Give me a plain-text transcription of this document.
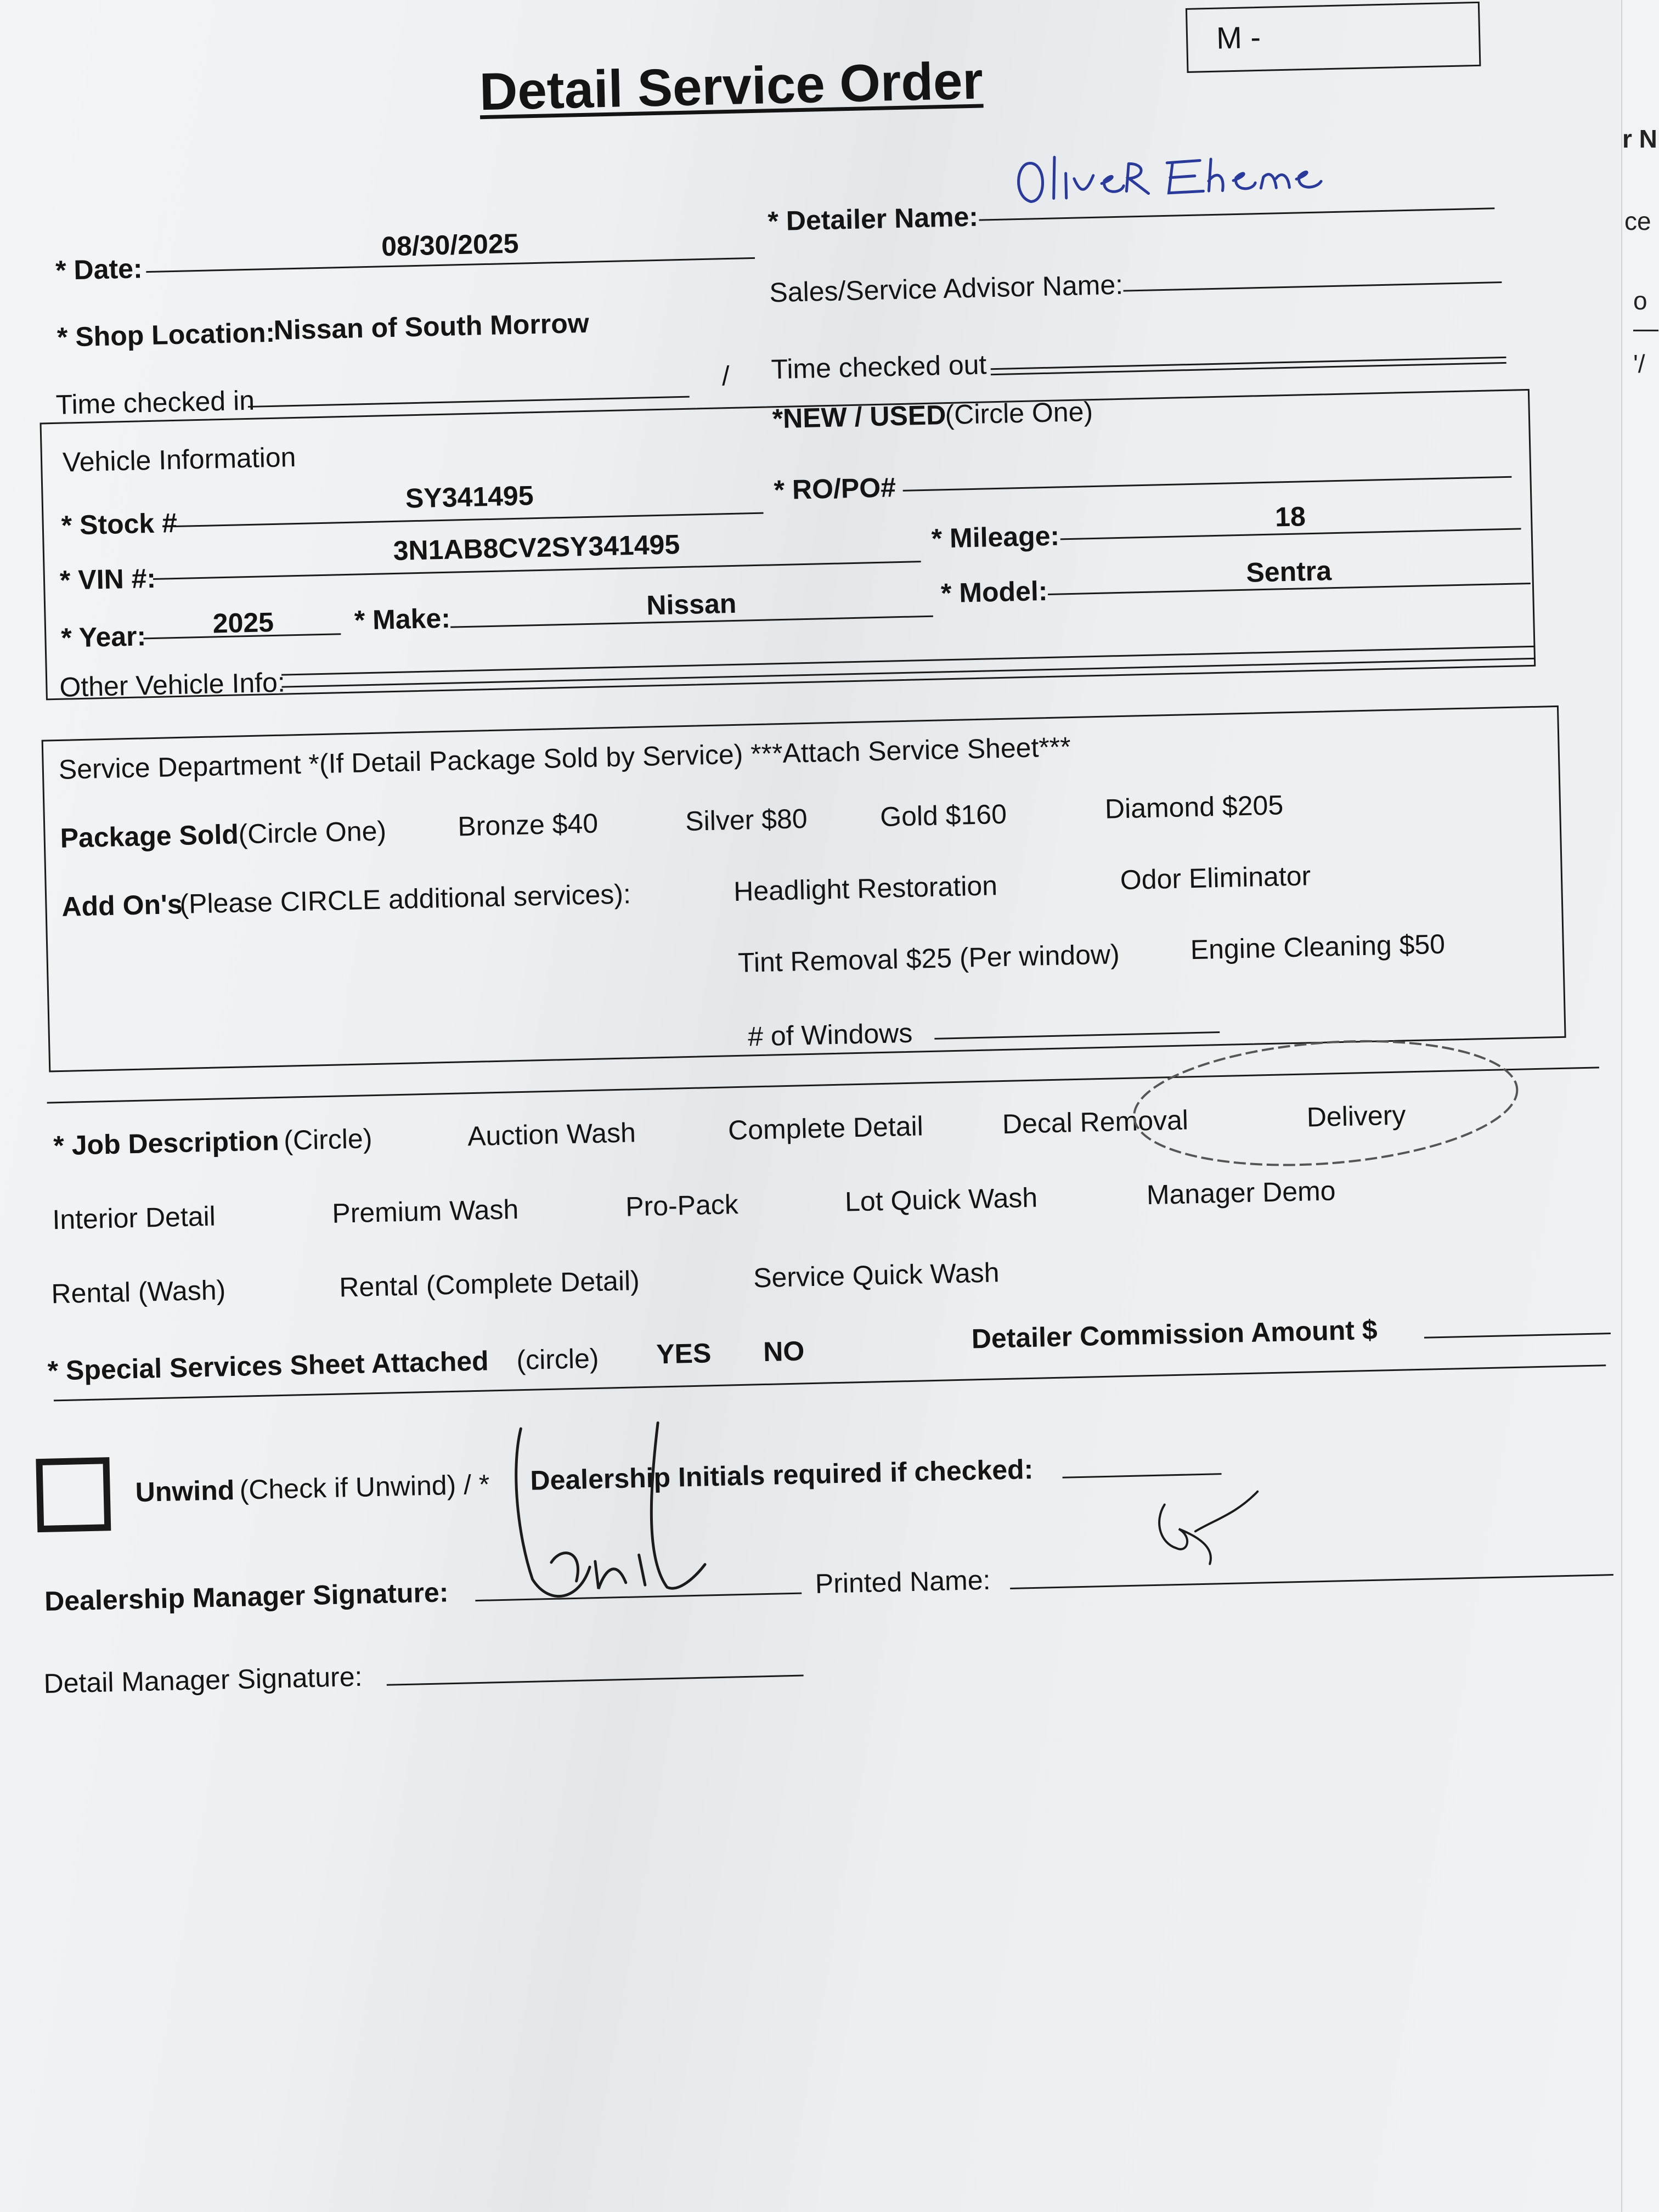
M -
Detail Service Order
* Date:
08/30/2025
* Detailer Name:
* Shop Location:
Nissan of South Morrow
Sales/Service Advisor Name:
Time checked in
/ Time checked out
*NEW / USED
(Circle One)
Vehicle Information
* Stock #
SY341495	* RO/PO#
* VIN #:
3N1AB8CV2SY341495	* Mileage:
18
* Year:	2025	* Make:	Nissan	* Model:
Sentra
Other Vehicle Info:
Service Department *(If Detail Package Sold by Service) ***Attach Service Sheet***
Package Sold
(Circle One)	Bronze $40	Silver $80	Gold $160	Diamond $205
Add On's
(Please CIRCLE additional services):	Headlight Restoration	Odor Eliminator
Tint Removal $25 (Per window)	Engine Cleaning $50
# of Windows
* Job Description (Circle)	Auction Wash	Complete Detail	Decal Removal	Delivery
Interior Detail	Premium Wash	Pro-Pack	Lot Quick Wash	Manager Demo
Rental (Wash)	Rental (Complete Detail)	Service Quick Wash
* Special Services Sheet Attached (circle) YES NO	Detailer Commission Amount $
Unwind (Check if Unwind) / * Dealership Initials required if checked:
Dealership Manager Signature:	Printed Name:
Detail Manager Signature:
r N
ce
o
—
'/
